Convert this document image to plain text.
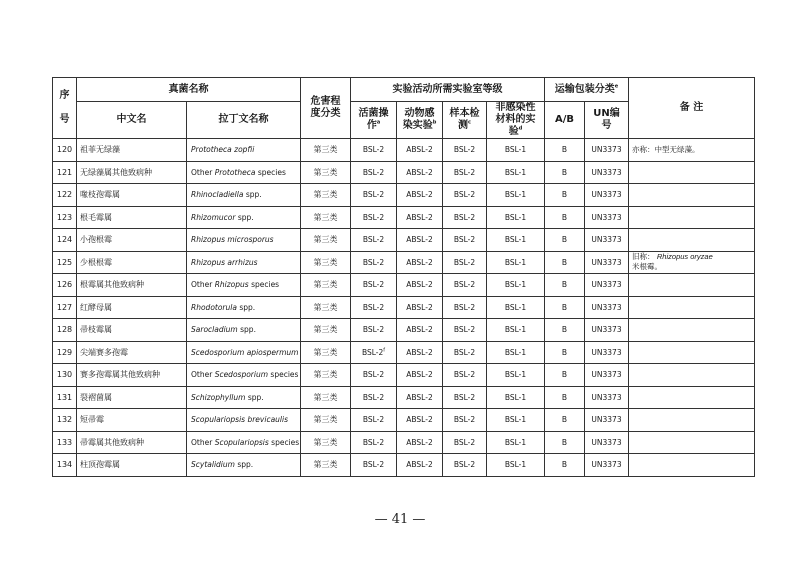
序

号	真菌名称		危害程度分类	实验活动所需实验室等级				运输包装分类$^e$		备 注
	中文名	拉丁文名称		活菌操作$^a$	动物感染实验$^b$	样本检测$^c$	非感染性材料的实验$^d$	A/B	UN编号	
120	祖菲无绿藻	Prototheca zopfii	第三类	BSL-2	ABSL-2	BSL-2	BSL-1	B	UN3373	亦称：中型无绿藻。
121	无绿藻属其他致病种	Other Prototheca species	第三类	BSL-2	ABSL-2	BSL-2	BSL-1	B	UN3373	
122	喙枝孢霉属	Rhinocladiella spp.	第三类	BSL-2	ABSL-2	BSL-2	BSL-1	B	UN3373	
123	根毛霉属	Rhizomucor spp.	第三类	BSL-2	ABSL-2	BSL-2	BSL-1	B	UN3373	
124	小孢根霉	Rhizopus microsporus	第三类	BSL-2	ABSL-2	BSL-2	BSL-1	B	UN3373	
125	少根根霉	Rhizopus arrhizus	第三类	BSL-2	ABSL-2	BSL-2	BSL-1	B	UN3373	旧称： Rhizopus oryzae
米根霉。
126	根霉属其他致病种	Other Rhizopus species	第三类	BSL-2	ABSL-2	BSL-2	BSL-1	B	UN3373	
127	红酵母属	Rhodotorula spp.	第三类	BSL-2	ABSL-2	BSL-2	BSL-1	B	UN3373	
128	帚枝霉属	Sarocladium spp.	第三类	BSL-2	ABSL-2	BSL-2	BSL-1	B	UN3373	
129	尖端赛多孢霉	Scedosporium apiospermum	第三类	BSL-2$^f$	ABSL-2	BSL-2	BSL-1	B	UN3373	
130	赛多孢霉属其他致病种	Other Scedosporium species	第三类	BSL-2	ABSL-2	BSL-2	BSL-1	B	UN3373	
131	裂褶菌属	Schizophyllum spp.	第三类	BSL-2	ABSL-2	BSL-2	BSL-1	B	UN3373	
132	短帚霉	Scopulariopsis brevicaulis	第三类	BSL-2	ABSL-2	BSL-2	BSL-1	B	UN3373	
133	帚霉属其他致病种	Other Scopulariopsis species	第三类	BSL-2	ABSL-2	BSL-2	BSL-1	B	UN3373	
134	柱顶孢霉属	Scytalidium spp.	第三类	BSL-2	ABSL-2	BSL-2	BSL-1	B	UN3373	
— 41 —
